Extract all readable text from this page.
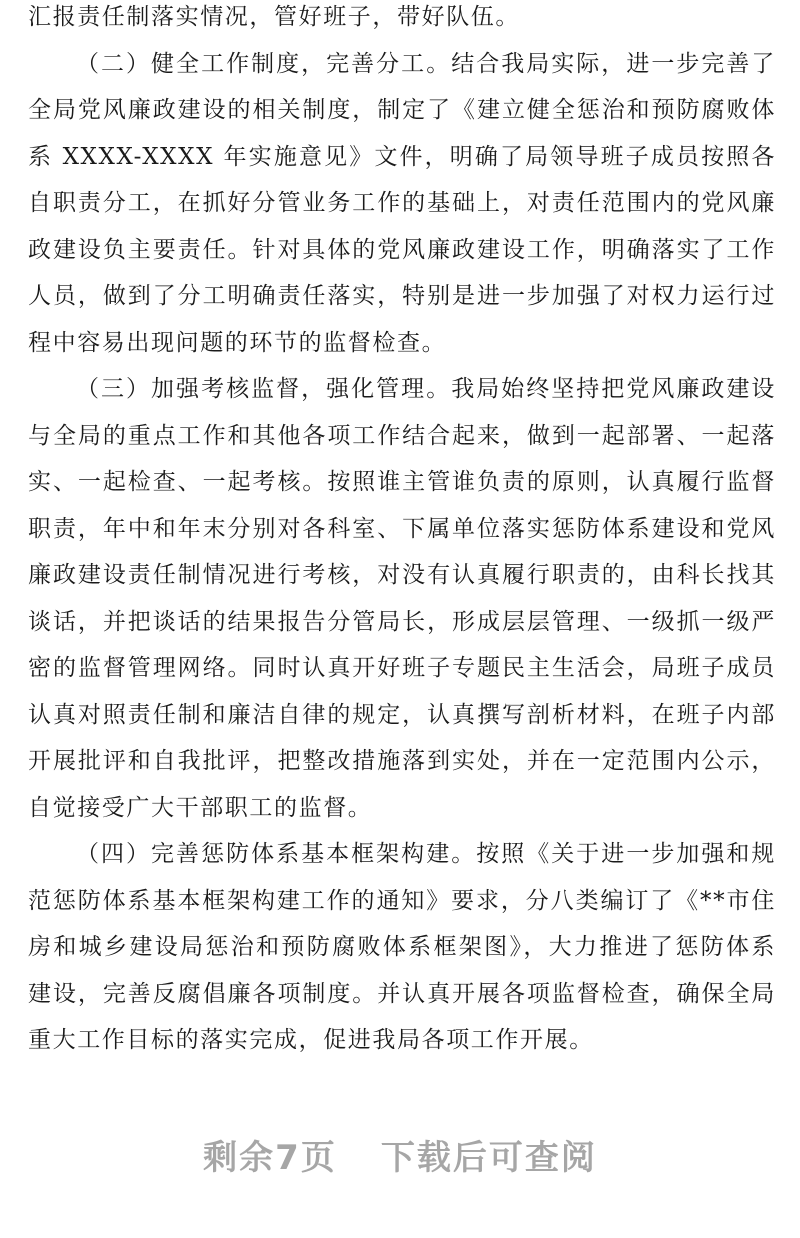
汇报责任制落实情况，管好班子，带好队伍。

（二）健全工作制度，完善分工。结合我局实际，进一步完善了全局党风廉政建设的相关制度，制定了《建立健全惩治和预防腐败体系 XXXX-XXXX 年实施意见》文件，明确了局领导班子成员按照各自职责分工，在抓好分管业务工作的基础上，对责任范围内的党风廉政建设负主要责任。针对具体的党风廉政建设工作，明确落实了工作人员，做到了分工明确责任落实，特别是进一步加强了对权力运行过程中容易出现问题的环节的监督检查。

（三）加强考核监督，强化管理。我局始终坚持把党风廉政建设与全局的重点工作和其他各项工作结合起来，做到一起部署、一起落实、一起检查、一起考核。按照谁主管谁负责的原则，认真履行监督职责，年中和年末分别对各科室、下属单位落实惩防体系建设和党风廉政建设责任制情况进行考核，对没有认真履行职责的，由科长找其谈话，并把谈话的结果报告分管局长，形成层层管理、一级抓一级严密的监督管理网络。同时认真开好班子专题民主生活会，局班子成员认真对照责任制和廉洁自律的规定，认真撰写剖析材料，在班子内部开展批评和自我批评，把整改措施落到实处，并在一定范围内公示，自觉接受广大干部职工的监督。

（四）完善惩防体系基本框架构建。按照《关于进一步加强和规范惩防体系基本框架构建工作的通知》要求，分八类编订了《**市住房和城乡建设局惩治和预防腐败体系框架图》，大力推进了惩防体系建设，完善反腐倡廉各项制度。并认真开展各项监督检查，确保全局重大工作目标的落实完成，促进我局各项工作开展。

剩余7页 下载后可查阅
